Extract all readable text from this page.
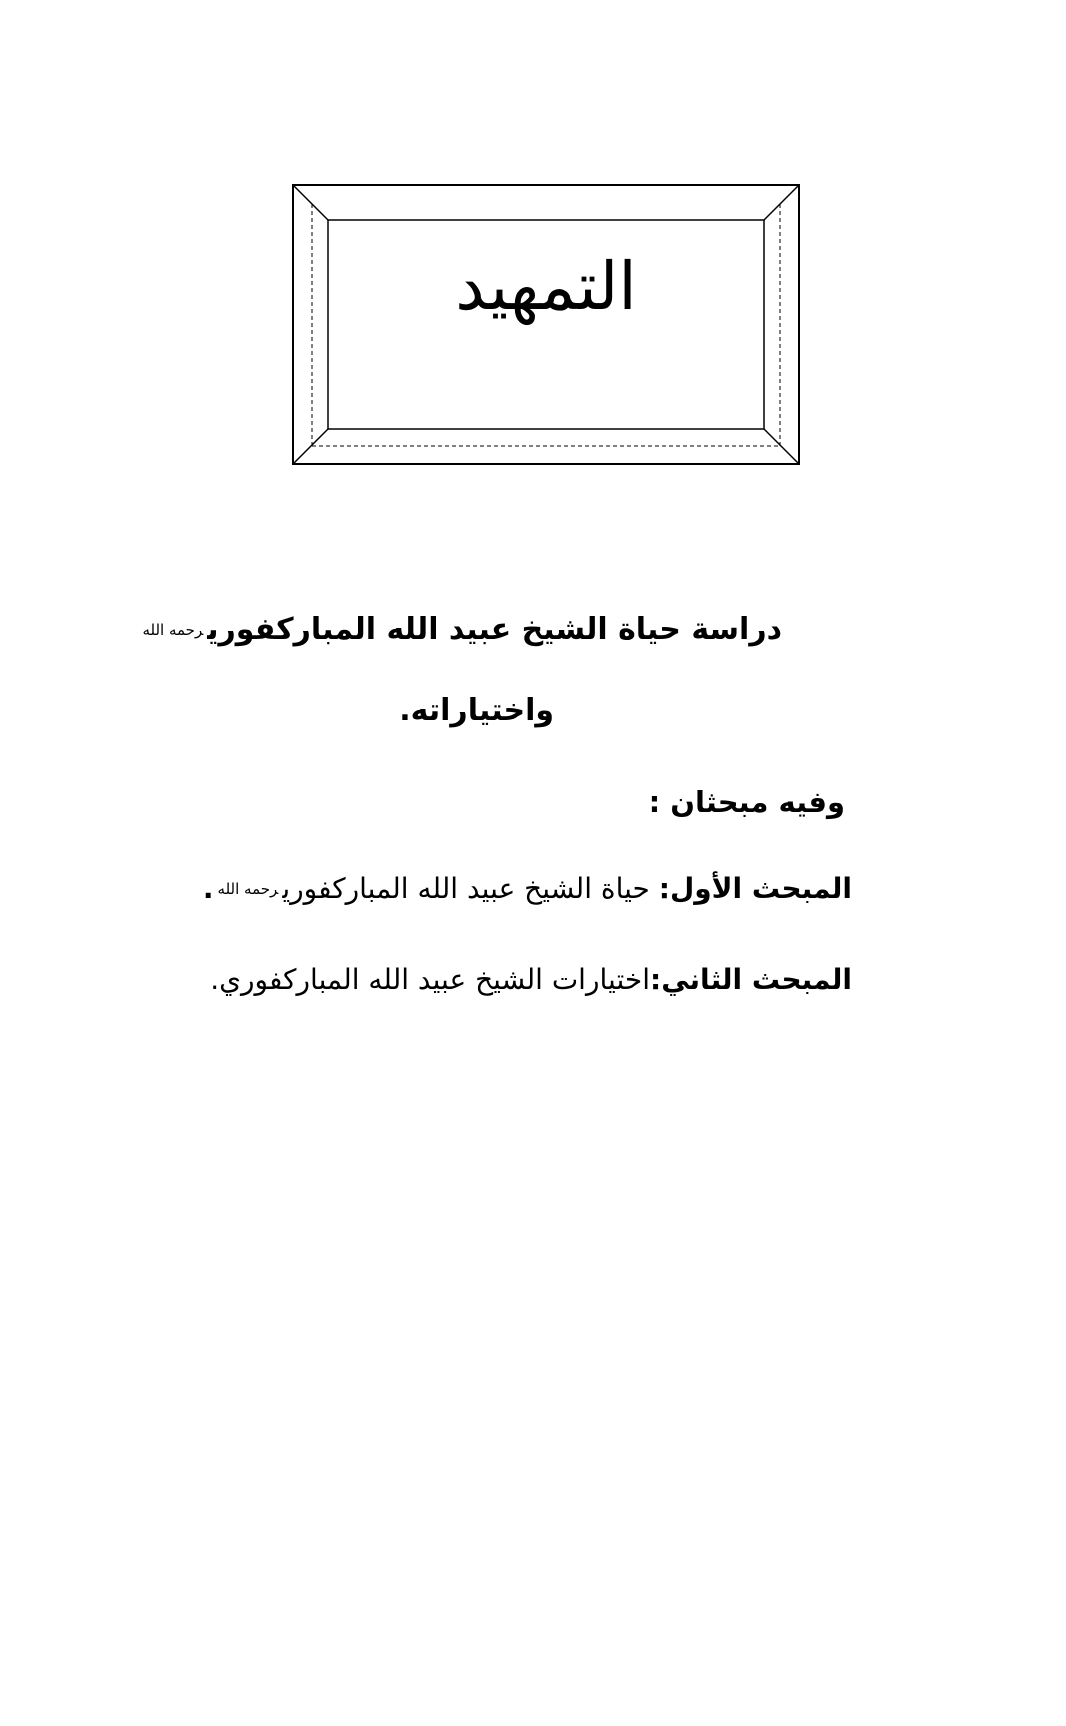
التمهيد
دراسة حياة الشيخ عبيد الله المباركفوريرحمه الله
واختياراته.
وفيه مبحثان :
المبحث الأول: حياة الشيخ عبيد الله المباركفوريرحمه الله.
المبحث الثاني:اختيارات الشيخ عبيد الله المباركفوري.
